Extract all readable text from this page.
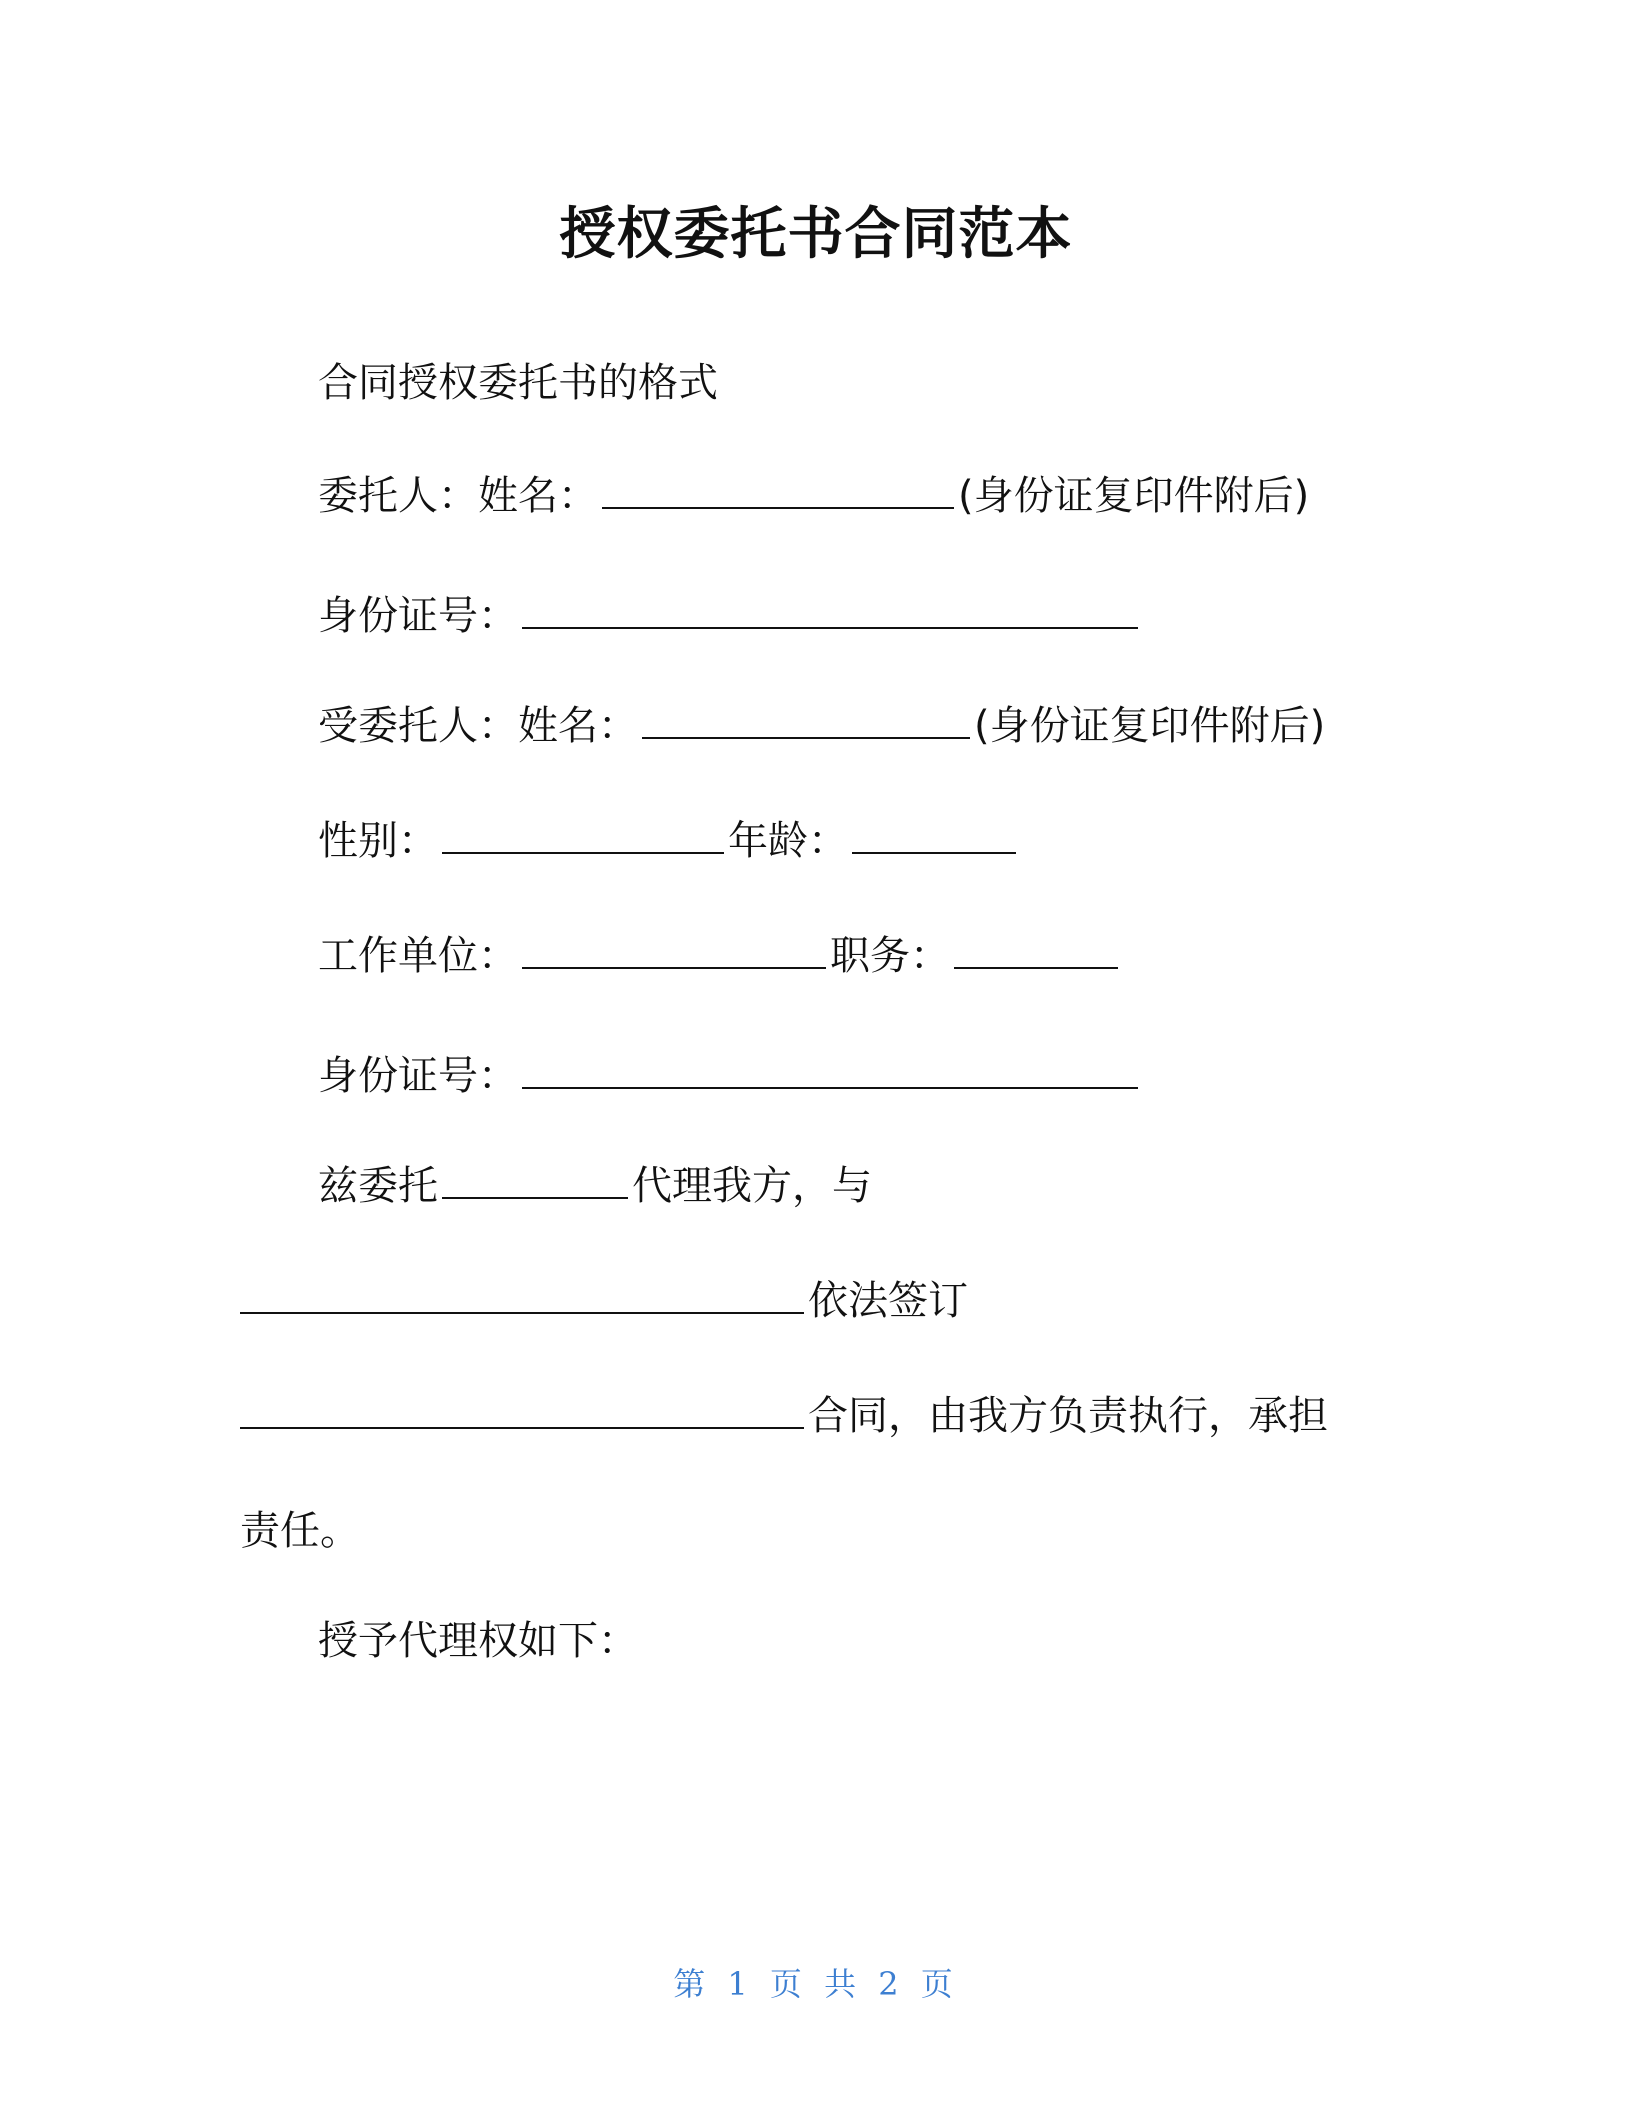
授权委托书合同范本
合同授权委托书的格式
委托人：姓名：	(身份证复印件附后)
身份证号：
受委托人：姓名：	(身份证复印件附后)
性别：	年龄：
工作单位：	职务：
身份证号：
兹委托	代理我方，与
依法签订
合同，由我方负责执行，承担
责任。
授予代理权如下：
第 1 页 共 2 页
